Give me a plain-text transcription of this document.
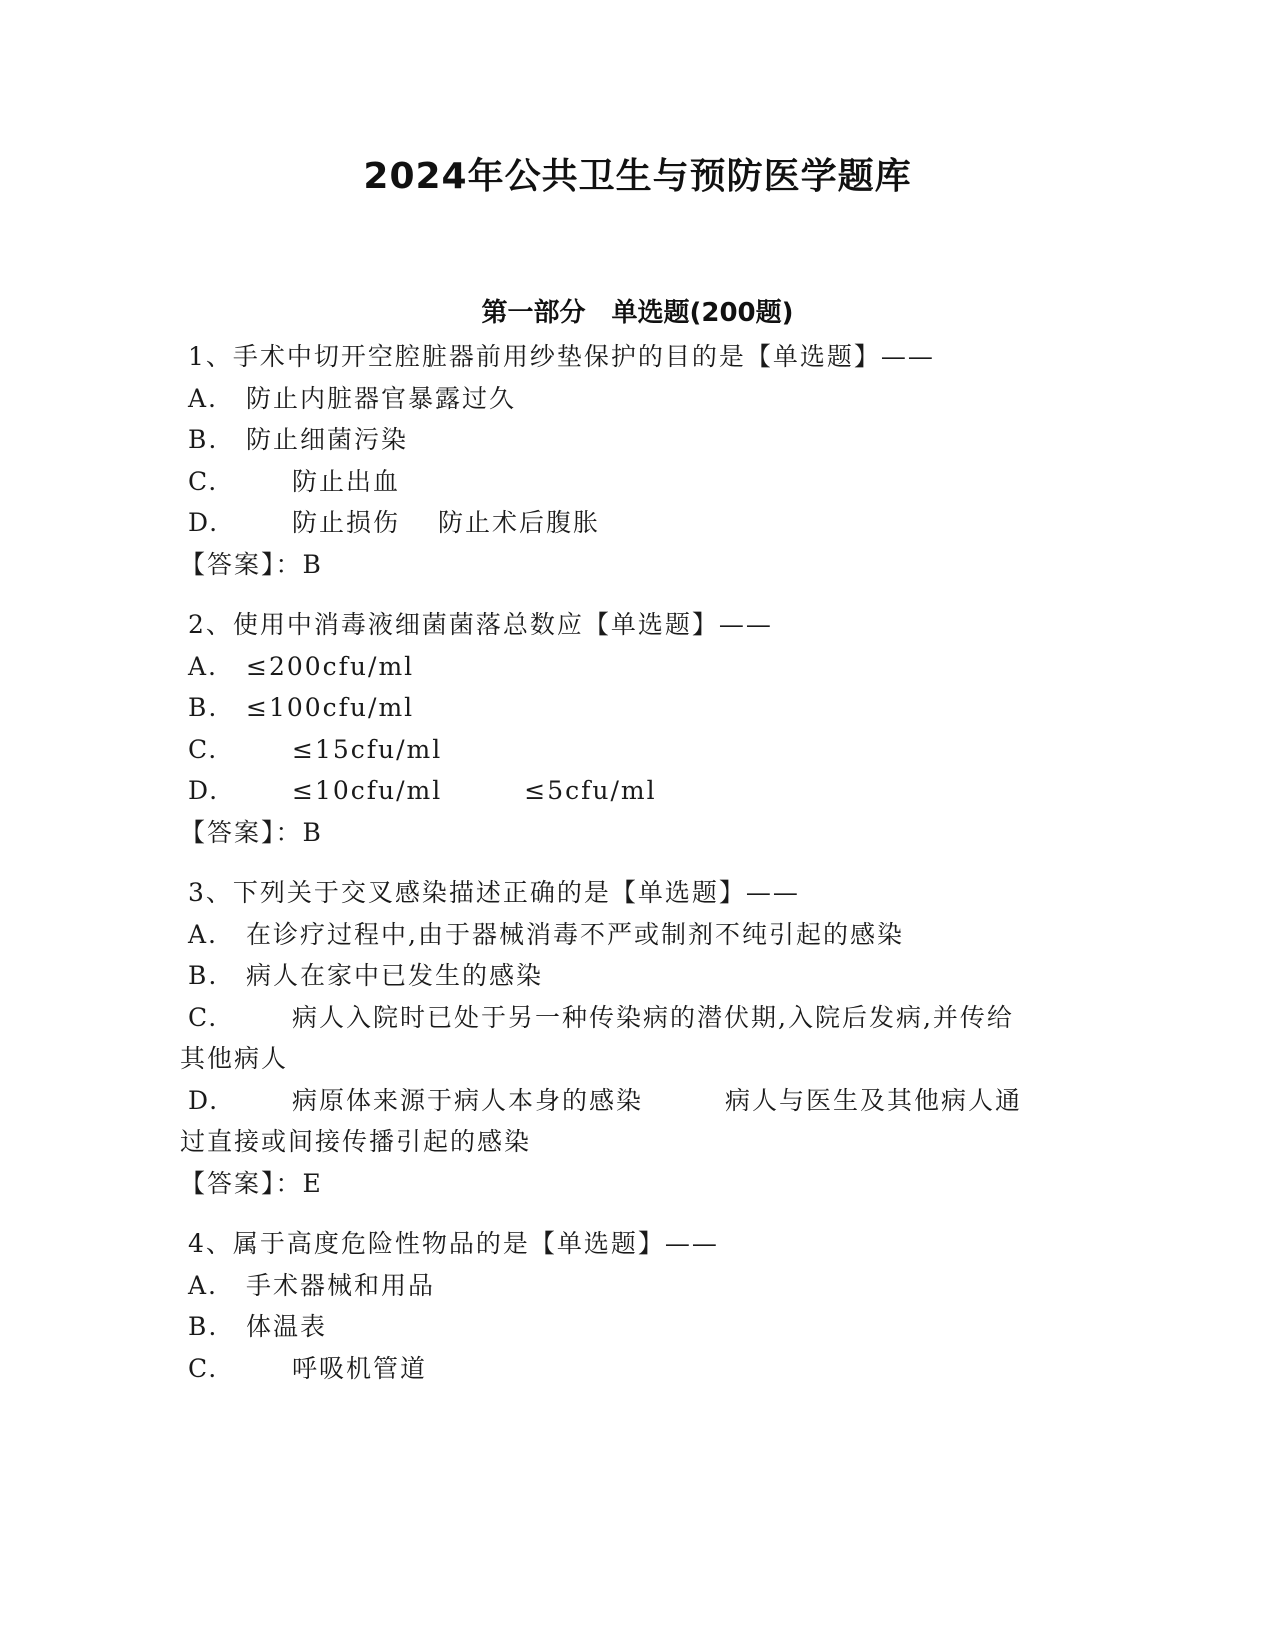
2024年公共卫生与预防医学题库
第一部分　单选题(200题)
1、手术中切开空腔脏器前用纱垫保护的目的是【单选题】——
A. 防止内脏器官暴露过久
B. 防止细菌污染
C.	防止出血
D.	防止损伤 防止术后腹胀
【答案】：B
2、使用中消毒液细菌菌落总数应【单选题】——
A. ≤200cfu/ml
B. ≤100cfu/ml
C.	≤15cfu/ml
D.	≤10cfu/ml	≤5cfu/ml
【答案】：B
3、下列关于交叉感染描述正确的是【单选题】——
A. 在诊疗过程中,由于器械消毒不严或制剂不纯引起的感染
B. 病人在家中已发生的感染
C.	病人入院时已处于另一种传染病的潜伏期,入院后发病,并传给
其他病人
D.	病原体来源于病人本身的感染	病人与医生及其他病人通
过直接或间接传播引起的感染
【答案】：E
4、属于高度危险性物品的是【单选题】——
A. 手术器械和用品
B. 体温表
C.	呼吸机管道
